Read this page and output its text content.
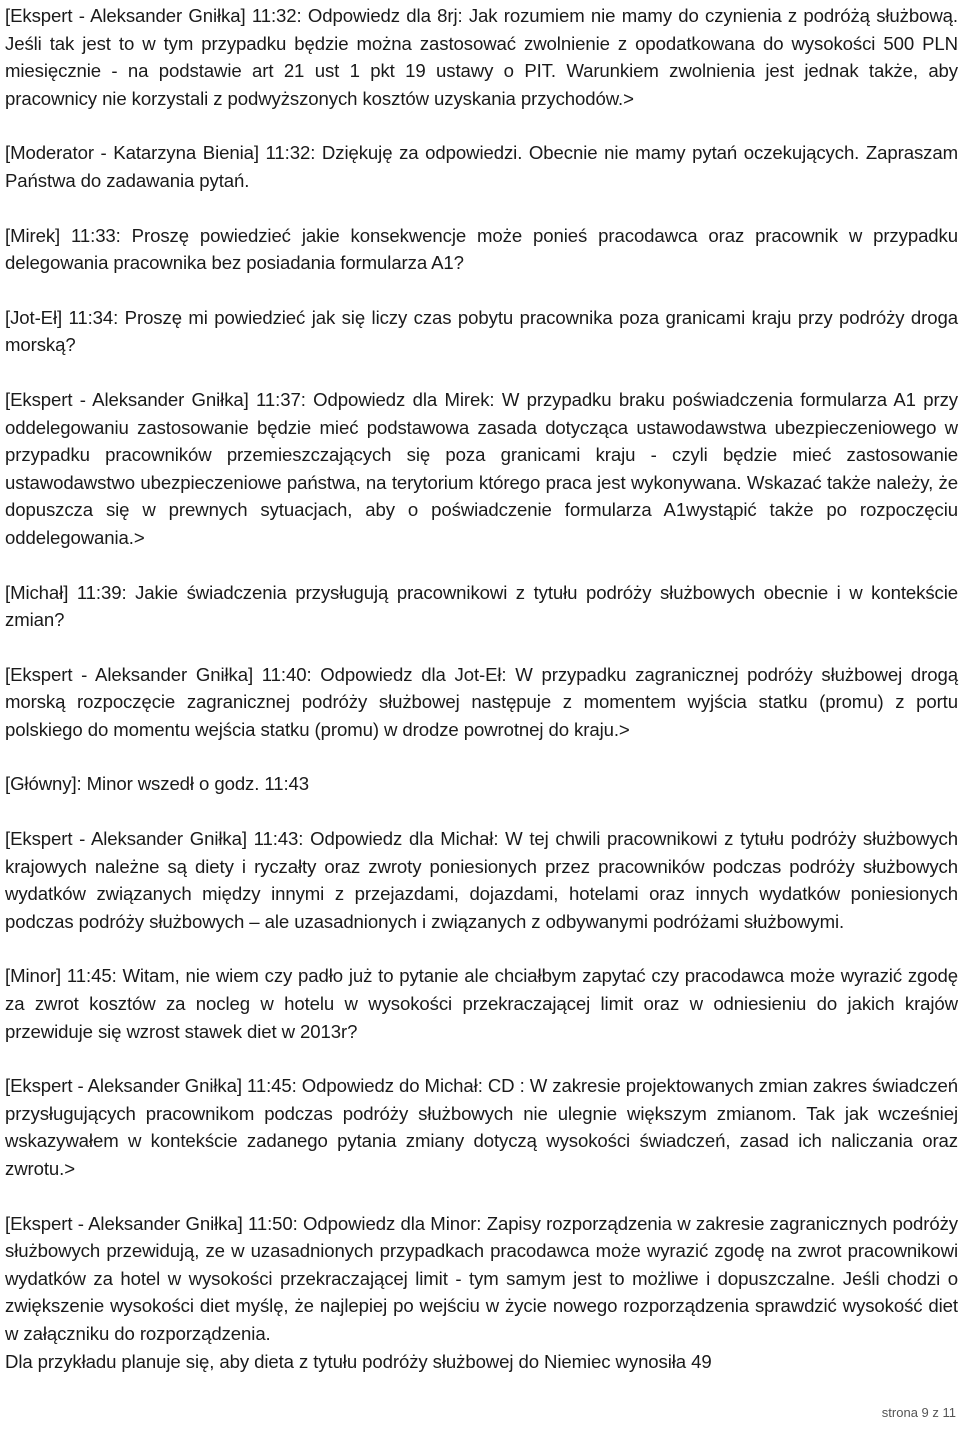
[Ekspert - Aleksander Gniłka] 11:32: Odpowiedz dla 8rj: Jak rozumiem nie mamy do czynienia z podróżą służbową. Jeśli tak jest to w tym przypadku będzie można zastosować zwolnienie z opodatkowana do wysokości 500 PLN miesięcznie - na podstawie art 21 ust 1 pkt 19 ustawy o PIT. Warunkiem zwolnienia jest jednak także, aby pracownicy nie korzystali z podwyższonych kosztów uzyskania przychodów.>

[Moderator - Katarzyna Bienia] 11:32: Dziękuję za odpowiedzi. Obecnie nie mamy pytań oczekujących. Zapraszam Państwa do zadawania pytań.

[Mirek] 11:33: Proszę powiedzieć jakie konsekwencje może ponieś pracodawca oraz pracownik w przypadku delegowania pracownika bez posiadania formularza A1?

[Jot-Eł] 11:34: Proszę mi powiedzieć jak się liczy czas pobytu pracownika poza granicami kraju przy podróży droga morską?

[Ekspert - Aleksander Gniłka] 11:37: Odpowiedz dla Mirek: W przypadku braku poświadczenia formularza A1 przy oddelegowaniu zastosowanie będzie mieć podstawowa zasada dotycząca ustawodawstwa ubezpieczeniowego w przypadku pracowników przemieszczających się poza granicami kraju - czyli będzie mieć zastosowanie ustawodawstwo ubezpieczeniowe państwa, na terytorium którego praca jest wykonywana. Wskazać także należy, że dopuszcza się w prewnych sytuacjach, aby o poświadczenie formularza A1wystąpić także po rozpoczęciu oddelegowania.>

[Michał] 11:39: Jakie świadczenia przysługują pracownikowi z tytułu podróży służbowych obecnie i w kontekście zmian?

[Ekspert - Aleksander Gniłka] 11:40: Odpowiedz dla Jot-Eł: W przypadku zagranicznej podróży służbowej drogą morską rozpoczęcie zagranicznej podróży służbowej następuje z momentem wyjścia statku (promu) z portu polskiego do momentu wejścia statku (promu) w drodze powrotnej do kraju.>

[Główny]: Minor wszedł o godz. 11:43

[Ekspert - Aleksander Gniłka] 11:43: Odpowiedz dla Michał: W tej chwili pracownikowi z tytułu podróży służbowych krajowych należne są diety i ryczałty oraz zwroty poniesionych przez pracowników podczas podróży służbowych wydatków związanych między innymi z przejazdami, dojazdami, hotelami oraz innych wydatków poniesionych podczas podróży służbowych – ale uzasadnionych i związanych z odbywanymi podróżami służbowymi.

[Minor] 11:45: Witam, nie wiem czy padło już to pytanie ale chciałbym zapytać czy pracodawca może wyrazić zgodę za zwrot kosztów za nocleg w hotelu w wysokości przekraczającej limit oraz w odniesieniu do jakich krajów przewiduje się wzrost stawek diet w 2013r?

[Ekspert - Aleksander Gniłka] 11:45: Odpowiedz do Michał: CD : W zakresie projektowanych zmian zakres świadczeń przysługujących pracownikom podczas podróży służbowych nie ulegnie większym zmianom. Tak jak wcześniej wskazywałem w kontekście zadanego pytania zmiany dotyczą wysokości świadczeń, zasad ich naliczania oraz zwrotu.>

[Ekspert - Aleksander Gniłka] 11:50: Odpowiedz dla Minor: Zapisy rozporządzenia w zakresie zagranicznych podróży służbowych przewidują, ze w uzasadnionych przypadkach pracodawca może wyrazić zgodę na zwrot pracownikowi wydatków za hotel w wysokości przekraczającej limit - tym samym jest to możliwe i dopuszczalne. Jeśli chodzi o zwiększenie wysokości diet myślę, że najlepiej po wejściu w życie nowego rozporządzenia sprawdzić wysokość diet w załączniku do rozporządzenia.
Dla przykładu planuje się, aby dieta z tytułu podróży służbowej do Niemiec wynosiła 49

strona 9 z 11
